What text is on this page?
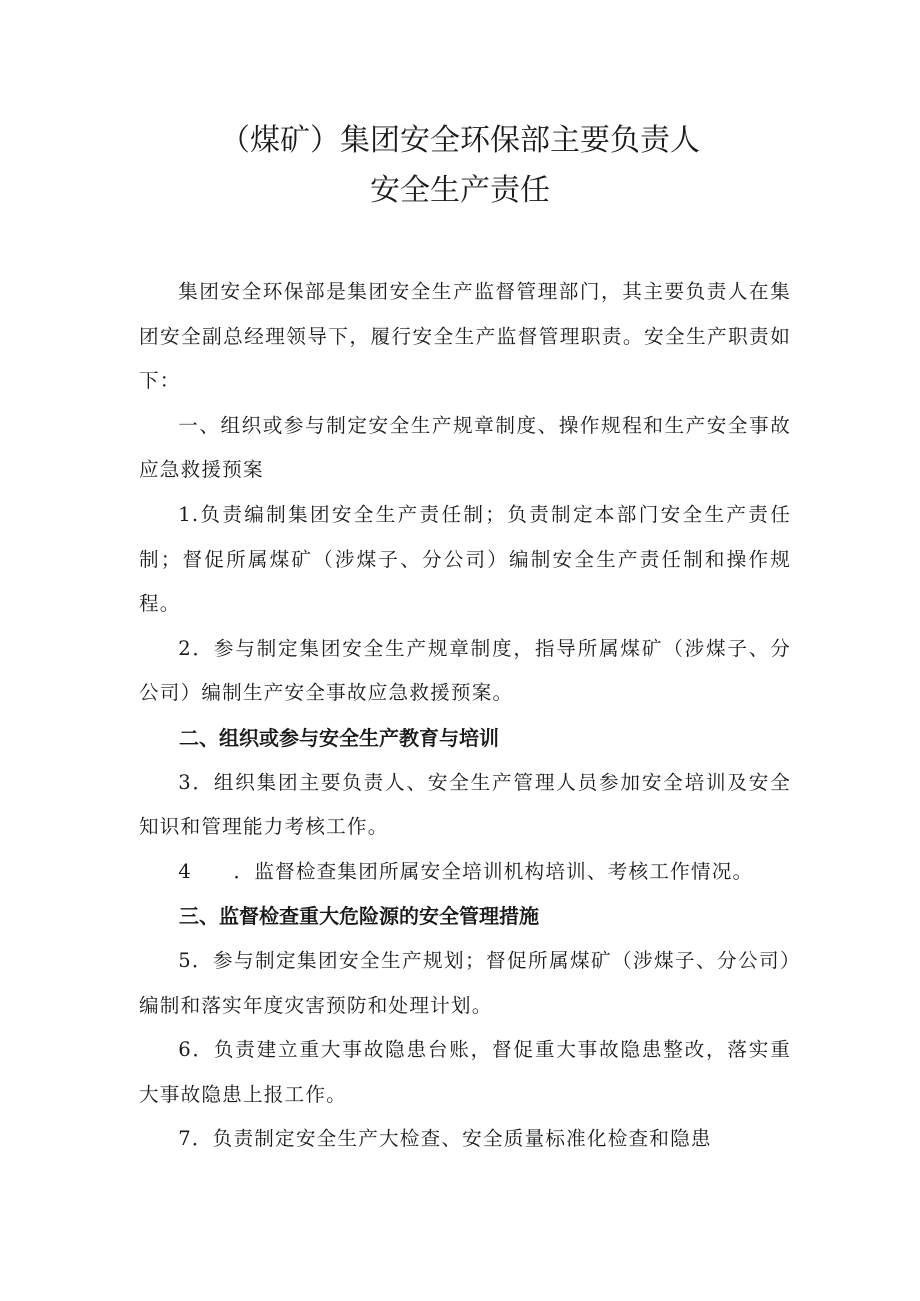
（煤矿）集团安全环保部主要负责人
安全生产责任

集团安全环保部是集团安全生产监督管理部门，其主要负责人在集团安全副总经理领导下，履行安全生产监督管理职责。安全生产职责如下：

一、组织或参与制定安全生产规章制度、操作规程和生产安全事故应急救援预案

1.负责编制集团安全生产责任制；负责制定本部门安全生产责任制；督促所属煤矿（涉煤子、分公司）编制安全生产责任制和操作规程。

2．参与制定集团安全生产规章制度，指导所属煤矿（涉煤子、分公司）编制生产安全事故应急救援预案。

二、组织或参与安全生产教育与培训

3．组织集团主要负责人、安全生产管理人员参加安全培训及安全知识和管理能力考核工作。

4　　．监督检查集团所属安全培训机构培训、考核工作情况。

三、监督检查重大危险源的安全管理措施

5．参与制定集团安全生产规划；督促所属煤矿（涉煤子、分公司）编制和落实年度灾害预防和处理计划。

6．负责建立重大事故隐患台账，督促重大事故隐患整改，落实重大事故隐患上报工作。

7．负责制定安全生产大检查、安全质量标准化检查和隐患
